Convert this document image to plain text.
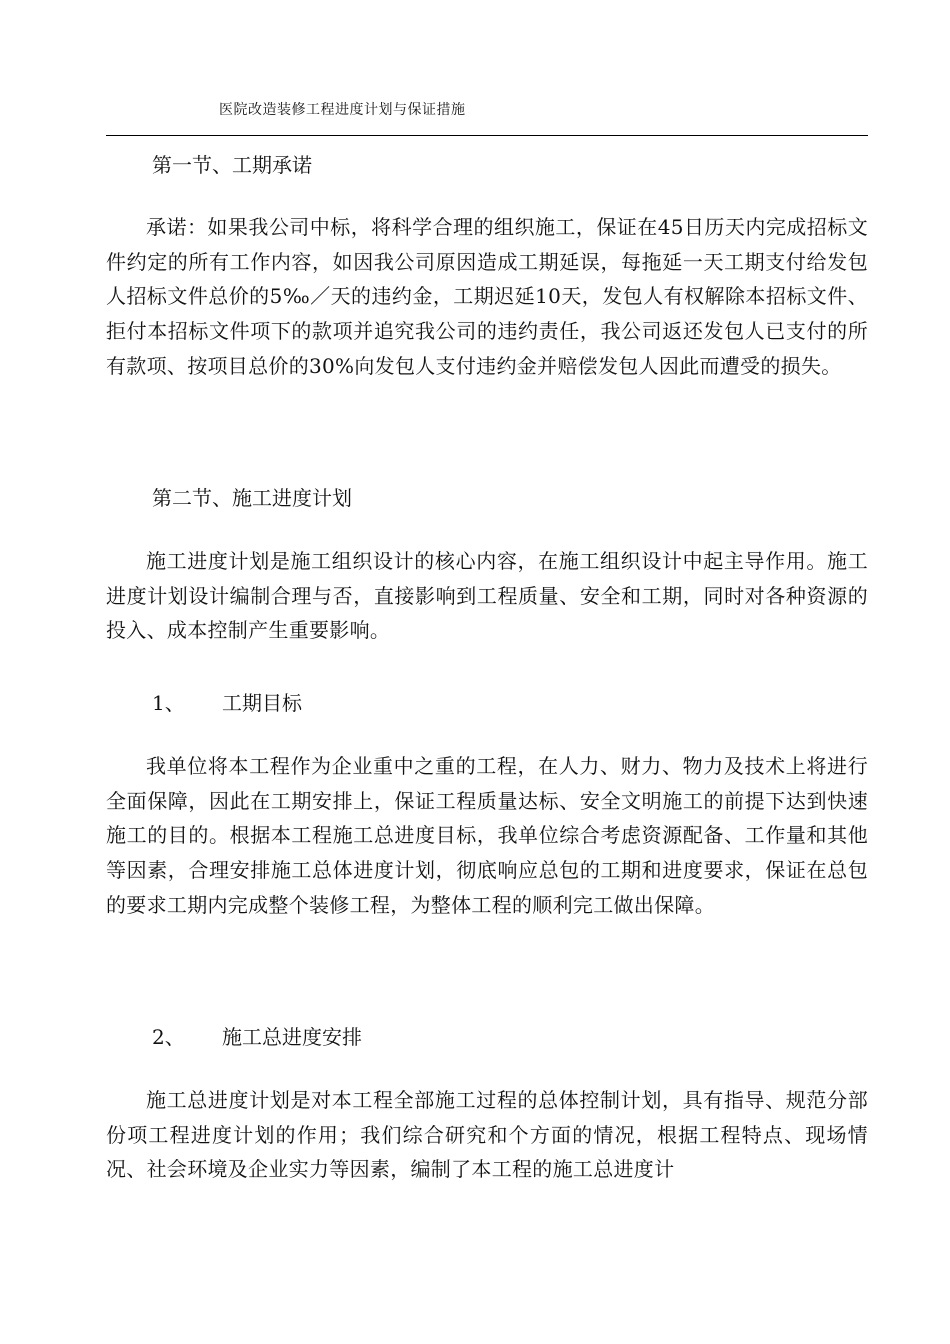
医院改造装修工程进度计划与保证措施

第一节、工期承诺

承诺：如果我公司中标，将科学合理的组织施工，保证在45日历天内完成招标文件约定的所有工作内容，如因我公司原因造成工期延误，每拖延一天工期支付给发包人招标文件总价的5‰／天的违约金，工期迟延10天，发包人有权解除本招标文件、拒付本招标文件项下的款项并追究我公司的违约责任，我公司返还发包人已支付的所有款项、按项目总价的30%向发包人支付违约金并赔偿发包人因此而遭受的损失。

第二节、施工进度计划

施工进度计划是施工组织设计的核心内容，在施工组织设计中起主导作用。施工进度计划设计编制合理与否，直接影响到工程质量、安全和工期，同时对各种资源的投入、成本控制产生重要影响。

1、	工期目标

我单位将本工程作为企业重中之重的工程，在人力、财力、物力及技术上将进行全面保障，因此在工期安排上，保证工程质量达标、安全文明施工的前提下达到快速施工的目的。根据本工程施工总进度目标，我单位综合考虑资源配备、工作量和其他等因素，合理安排施工总体进度计划，彻底响应总包的工期和进度要求，保证在总包的要求工期内完成整个装修工程，为整体工程的顺利完工做出保障。

2、	施工总进度安排

施工总进度计划是对本工程全部施工过程的总体控制计划，具有指导、规范分部份项工程进度计划的作用；我们综合研究和个方面的情况，根据工程特点、现场情况、社会环境及企业实力等因素，编制了本工程的施工总进度计
